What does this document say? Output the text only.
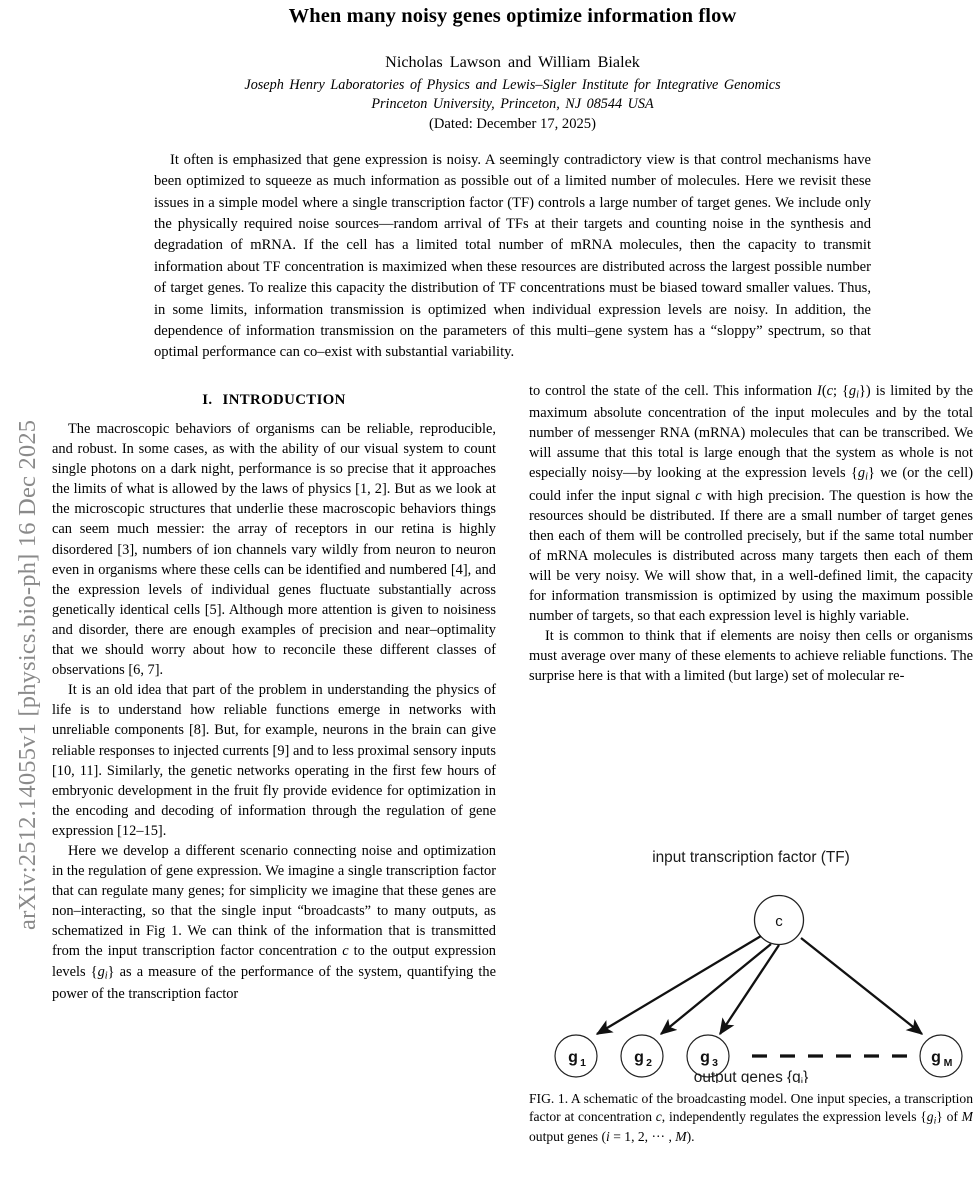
arXiv:2512.14055v1 [physics.bio-ph] 16 Dec 2025
When many noisy genes optimize information flow
Nicholas Lawson and William Bialek
Joseph Henry Laboratories of Physics and Lewis–Sigler Institute for Integrative Genomics
Princeton University, Princeton, NJ 08544 USA
(Dated: December 17, 2025)
It often is emphasized that gene expression is noisy. A seemingly contradictory view is that control mechanisms have been optimized to squeeze as much information as possible out of a limited number of molecules. Here we revisit these issues in a simple model where a single transcription factor (TF) controls a large number of target genes. We include only the physically required noise sources—random arrival of TFs at their targets and counting noise in the synthesis and degradation of mRNA. If the cell has a limited total number of mRNA molecules, then the capacity to transmit information about TF concentration is maximized when these resources are distributed across the largest possible number of target genes. To realize this capacity the distribution of TF concentrations must be biased toward smaller values. Thus, in some limits, information transmission is optimized when individual expression levels are noisy. In addition, the dependence of information transmission on the parameters of this multi–gene system has a “sloppy” spectrum, so that optimal performance can co–exist with substantial variability.
I. INTRODUCTION

The macroscopic behaviors of organisms can be reliable, reproducible, and robust. In some cases, as with the ability of our visual system to count single photons on a dark night, performance is so precise that it approaches the limits of what is allowed by the laws of physics [1, 2]. But as we look at the microscopic structures that underlie these macroscopic behaviors things can seem much messier: the array of receptors in our retina is highly disordered [3], numbers of ion channels vary wildly from neuron to neuron even in organisms where these cells can be identified and numbered [4], and the expression levels of individual genes fluctuate substantially across genetically identical cells [5]. Although more attention is given to noisiness and disorder, there are enough examples of precision and near–optimality that we should worry about how to reconcile these different classes of observations [6, 7].

It is an old idea that part of the problem in understanding the physics of life is to understand how reliable functions emerge in networks with unreliable components [8]. But, for example, neurons in the brain can give reliable responses to injected currents [9] and to less proximal sensory inputs [10, 11]. Similarly, the genetic networks operating in the first few hours of embryonic development in the fruit fly provide evidence for optimization in the encoding and decoding of information through the regulation of gene expression [12–15].

Here we develop a different scenario connecting noise and optimization in the regulation of gene expression. We imagine a single transcription factor that can regulate many genes; for simplicity we imagine that these genes are non–interacting, so that the single input “broadcasts” to many outputs, as schematized in Fig 1. We can think of the information that is transmitted from the input transcription factor concentration c to the output expression levels $\{g_i\}$ as a measure of the performance of the system, quantifying the power of the transcription factor

to control the state of the cell. This information I(c; $\{g_i\}$) is limited by the maximum absolute concentration of the input molecules and by the total number of messenger RNA (mRNA) molecules that can be transcribed. We will assume that this total is large enough that the system as whole is not especially noisy—by looking at the expression levels $\{g_i\}$ we (or the cell) could infer the input signal c with high precision. The question is how the resources should be distributed. If there are a small number of target genes then each of them will be controlled precisely, but if the same total number of mRNA molecules is distributed across many targets then each of them will be very noisy. We will show that, in a well-defined limit, the capacity for information transmission is optimized by using the maximum possible number of targets, so that each expression level is highly variable.

It is common to think that if elements are noisy then cells or organisms must average over many of these elements to achieve reliable functions. The surprise here is that with a limited (but large) set of molecular re-

input transcription factor (TF)
c
g 1	g 2	g 3	g M
output genes {gi}
FIG. 1. A schematic of the broadcasting model. One input species, a transcription factor at concentration c, independently regulates the expression levels $\{g_i\}$ of M output genes (i = 1, 2, ··· , M).
